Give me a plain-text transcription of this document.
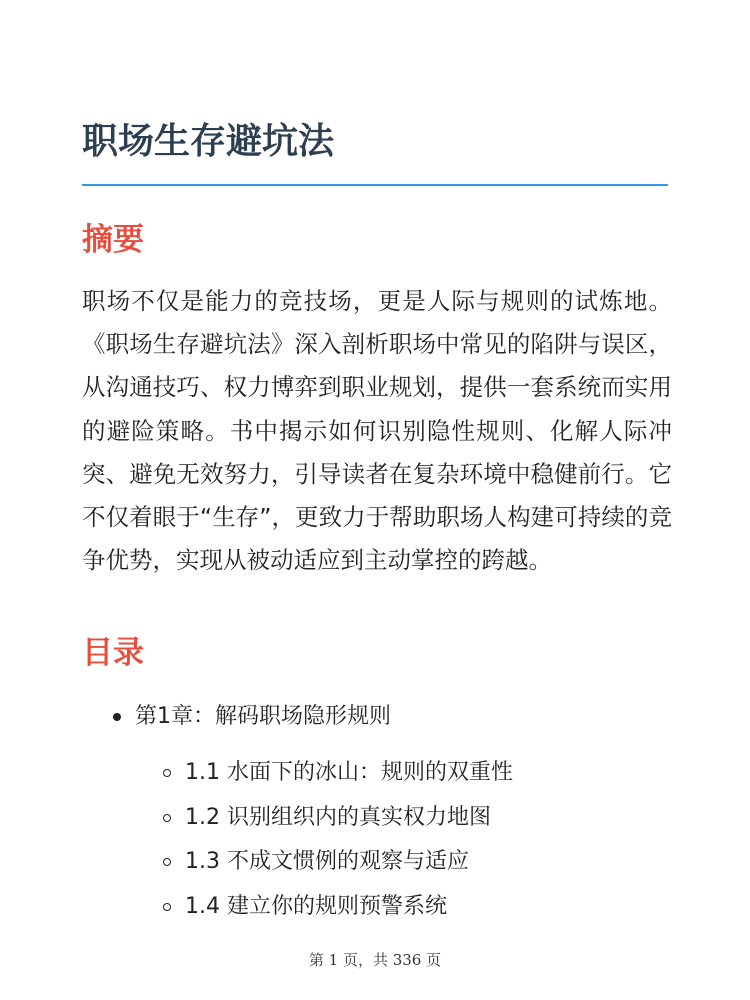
职场生存避坑法
摘要

职场不仅是能力的竞技场，更是人际与规则的试炼地。《职场生存避坑法》深入剖析职场中常见的陷阱与误区，从沟通技巧、权力博弈到职业规划，提供一套系统而实用的避险策略。书中揭示如何识别隐性规则、化解人际冲突、避免无效努力，引导读者在复杂环境中稳健前行。它不仅着眼于“生存”，更致力于帮助职场人构建可持续的竞争优势，实现从被动适应到主动掌控的跨越。

目录
第1章：解码职场隐形规则
1.1 水面下的冰山：规则的双重性
1.2 识别组织内的真实权力地图
1.3 不成文惯例的观察与适应
1.4 建立你的规则预警系统
第 1 页，共 336 页
